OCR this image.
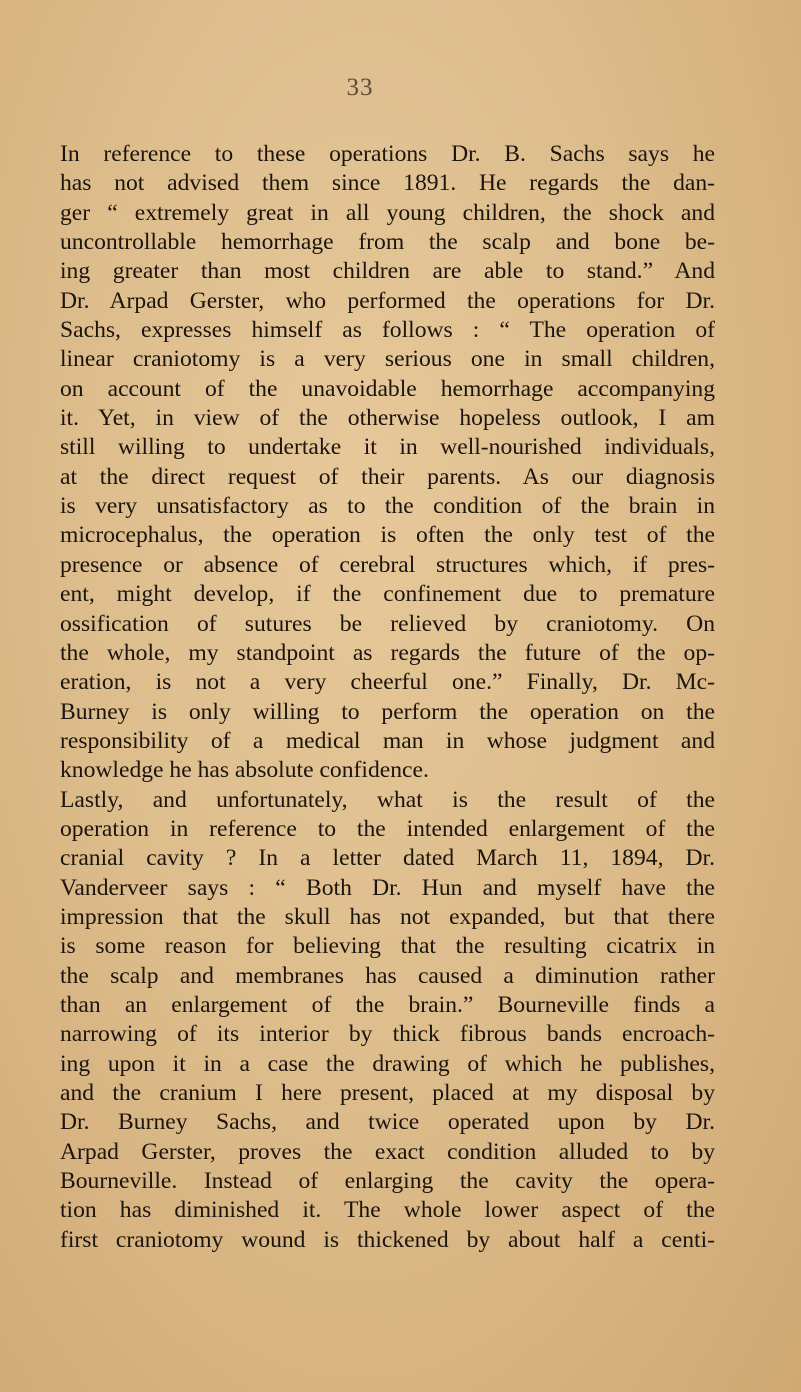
33
In reference to these operations Dr. B. Sachs says he
has not advised them since 1891. He regards the dan-
ger “ extremely great in all young children, the shock and
uncontrollable hemorrhage from the scalp and bone be-
ing greater than most children are able to stand.” And
Dr. Arpad Gerster, who performed the operations for Dr.
Sachs, expresses himself as follows : “ The operation of
linear craniotomy is a very serious one in small children,
on account of the unavoidable hemorrhage accompanying
it. Yet, in view of the otherwise hopeless outlook, I am
still willing to undertake it in well-nourished individuals,
at the direct request of their parents. As our diagnosis
is very unsatisfactory as to the condition of the brain in
microcephalus, the operation is often the only test of the
presence or absence of cerebral structures which, if pres-
ent, might develop, if the confinement due to premature
ossification of sutures be relieved by craniotomy. On
the whole, my standpoint as regards the future of the op-
eration, is not a very cheerful one.” Finally, Dr. Mc-
Burney is only willing to perform the operation on the
responsibility of a medical man in whose judgment and
knowledge he has absolute confidence.
Lastly, and unfortunately, what is the result of the
operation in reference to the intended enlargement of the
cranial cavity ? In a letter dated March 11, 1894, Dr.
Vanderveer says : “ Both Dr. Hun and myself have the
impression that the skull has not expanded, but that there
is some reason for believing that the resulting cicatrix in
the scalp and membranes has caused a diminution rather
than an enlargement of the brain.” Bourneville finds a
narrowing of its interior by thick fibrous bands encroach-
ing upon it in a case the drawing of which he publishes,
and the cranium I here present, placed at my disposal by
Dr. Burney Sachs, and twice operated upon by Dr.
Arpad Gerster, proves the exact condition alluded to by
Bourneville. Instead of enlarging the cavity the opera-
tion has diminished it. The whole lower aspect of the
first craniotomy wound is thickened by about half a centi-
